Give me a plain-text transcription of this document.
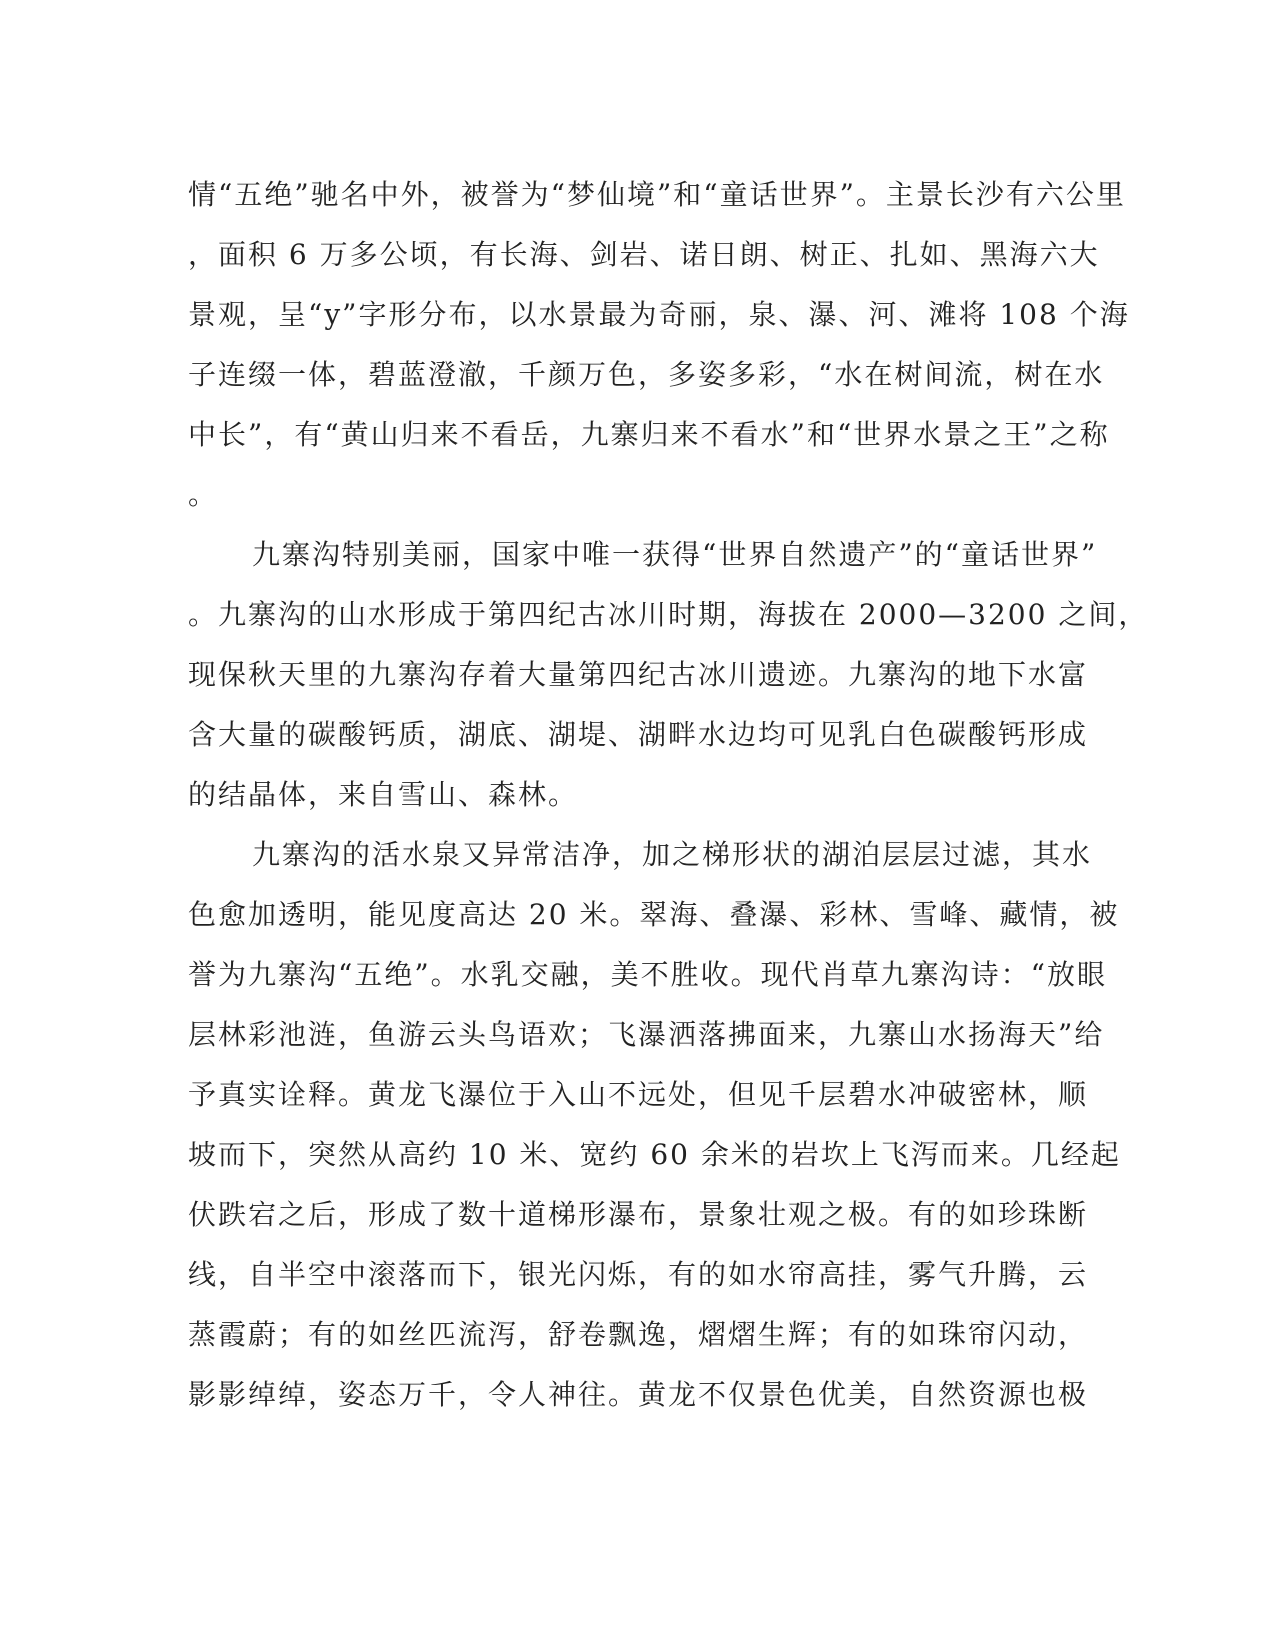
情“五绝”驰名中外，被誉为“梦仙境”和“童话世界”。主景长沙有六公里
，面积 6 万多公顷，有长海、剑岩、诺日朗、树正、扎如、黑海六大
景观，呈“y”字形分布，以水景最为奇丽，泉、瀑、河、滩将 108 个海
子连缀一体，碧蓝澄澈，千颜万色，多姿多彩，“水在树间流，树在水
中长”，有“黄山归来不看岳，九寨归来不看水”和“世界水景之王”之称
。
九寨沟特别美丽，国家中唯一获得“世界自然遗产”的“童话世界”
。九寨沟的山水形成于第四纪古冰川时期，海拔在 2000—3200 之间，
现保秋天里的九寨沟存着大量第四纪古冰川遗迹。九寨沟的地下水富
含大量的碳酸钙质，湖底、湖堤、湖畔水边均可见乳白色碳酸钙形成
的结晶体，来自雪山、森林。
九寨沟的活水泉又异常洁净，加之梯形状的湖泊层层过滤，其水
色愈加透明，能见度高达 20 米。翠海、叠瀑、彩林、雪峰、藏情，被
誉为九寨沟“五绝”。水乳交融，美不胜收。现代肖草九寨沟诗：“放眼
层林彩池涟，鱼游云头鸟语欢；飞瀑洒落拂面来，九寨山水扬海天”给
予真实诠释。黄龙飞瀑位于入山不远处，但见千层碧水冲破密林，顺
坡而下，突然从高约 10 米、宽约 60 余米的岩坎上飞泻而来。几经起
伏跌宕之后，形成了数十道梯形瀑布，景象壮观之极。有的如珍珠断
线，自半空中滚落而下，银光闪烁，有的如水帘高挂，雾气升腾，云
蒸霞蔚；有的如丝匹流泻，舒卷飘逸，熠熠生辉；有的如珠帘闪动，
影影绰绰，姿态万千，令人神往。黄龙不仅景色优美，自然资源也极
